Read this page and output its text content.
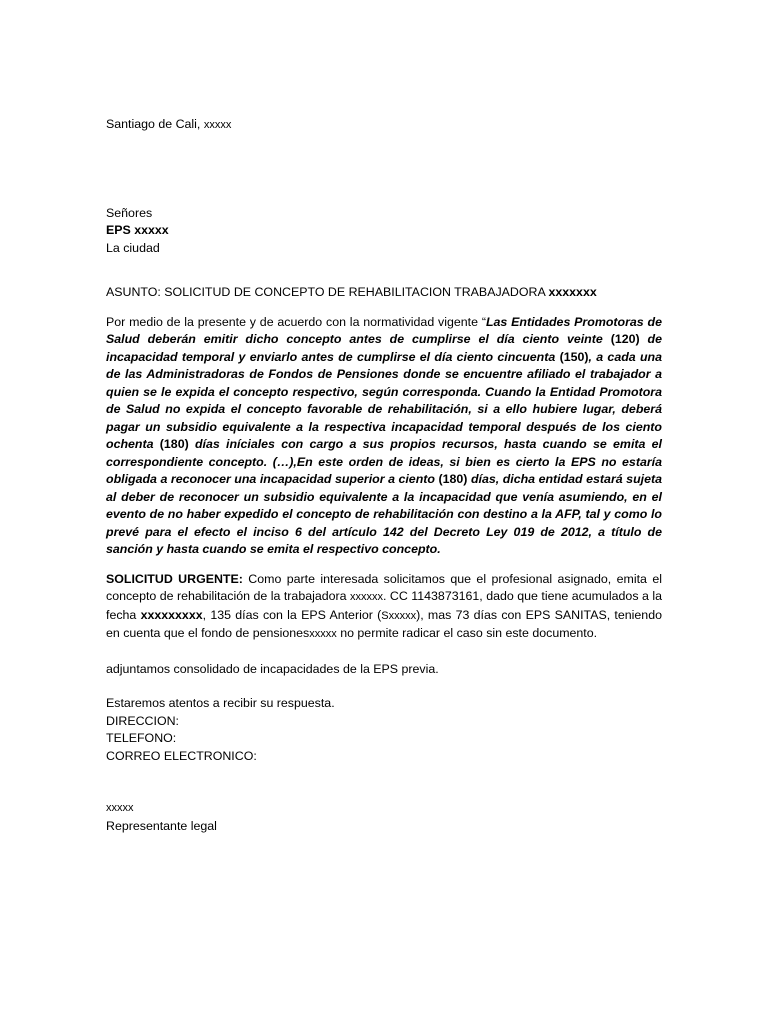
Santiago de Cali, xxxxx

Señores

EPS xxxxx

La ciudad

ASUNTO: SOLICITUD DE CONCEPTO DE REHABILITACION TRABAJADORA xxxxxxx

Por medio de la presente y de acuerdo con la normatividad vigente “Las Entidades Promotoras de Salud deberán emitir dicho concepto antes de cumplirse el día ciento veinte (120) de incapacidad temporal y enviarlo antes de cumplirse el día ciento cincuenta (150), a cada una de las Administradoras de Fondos de Pensiones donde se encuentre afiliado el trabajador a quien se le expida el concepto respectivo, según corresponda. Cuando la Entidad Promotora de Salud no expida el concepto favorable de rehabilitación, si a ello hubiere lugar, deberá pagar un subsidio equivalente a la respectiva incapacidad temporal después de los ciento ochenta (180) días iníciales con cargo a sus propios recursos, hasta cuando se emita el correspondiente concepto. (…),En este orden de ideas, si bien es cierto la EPS no estaría obligada a reconocer una incapacidad superior a ciento (180) días, dicha entidad estará sujeta al deber de reconocer un subsidio equivalente a la incapacidad que venía asumiendo, en el evento de no haber expedido el concepto de rehabilitación con destino a la AFP, tal y como lo prevé para el efecto el inciso 6 del artículo 142 del Decreto Ley 019 de 2012, a título de sanción y hasta cuando se emita el respectivo concepto.

SOLICITUD URGENTE: Como parte interesada solicitamos que el profesional asignado, emita el concepto de rehabilitación de la trabajadora xxxxxx. CC 1143873161, dado que tiene acumulados a la fecha xxxxxxxxx, 135 días con la EPS Anterior (Sxxxxx), mas 73 días con EPS SANITAS, teniendo en cuenta que el fondo de pensionesxxxxx no permite radicar el caso sin este documento.

adjuntamos consolidado de incapacidades de la EPS previa.

Estaremos atentos a recibir su respuesta.

DIRECCION:

TELEFONO:

CORREO ELECTRONICO:

xxxxx

Representante legal
